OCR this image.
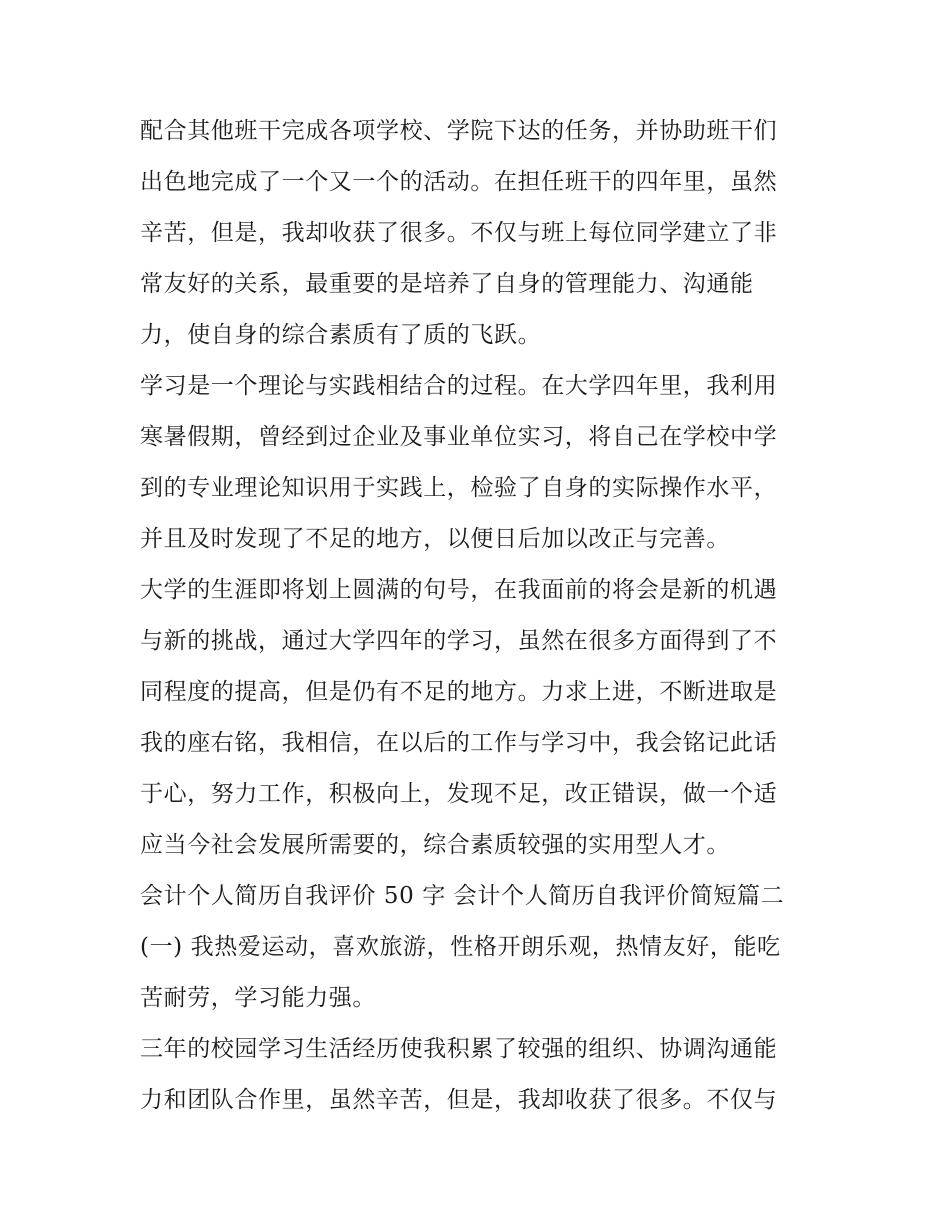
配合其他班干完成各项学校、学院下达的任务，并协助班干们
出色地完成了一个又一个的活动。在担任班干的四年里，虽然
辛苦，但是，我却收获了很多。不仅与班上每位同学建立了非
常友好的关系，最重要的是培养了自身的管理能力、沟通能
力，使自身的综合素质有了质的飞跃。
学习是一个理论与实践相结合的过程。在大学四年里，我利用
寒暑假期，曾经到过企业及事业单位实习，将自己在学校中学
到的专业理论知识用于实践上，检验了自身的实际操作水平，
并且及时发现了不足的地方，以便日后加以改正与完善。
大学的生涯即将划上圆满的句号，在我面前的将会是新的机遇
与新的挑战，通过大学四年的学习，虽然在很多方面得到了不
同程度的提高，但是仍有不足的地方。力求上进，不断进取是
我的座右铭，我相信，在以后的工作与学习中，我会铭记此话
于心，努力工作，积极向上，发现不足，改正错误，做一个适
应当今社会发展所需要的，综合素质较强的实用型人才。
会计个人简历自我评价 50 字 会计个人简历自我评价简短篇二
(一) 我热爱运动，喜欢旅游，性格开朗乐观，热情友好，能吃
苦耐劳，学习能力强。
三年的校园学习生活经历使我积累了较强的组织、协调沟通能
力和团队合作里，虽然辛苦，但是，我却收获了很多。不仅与
